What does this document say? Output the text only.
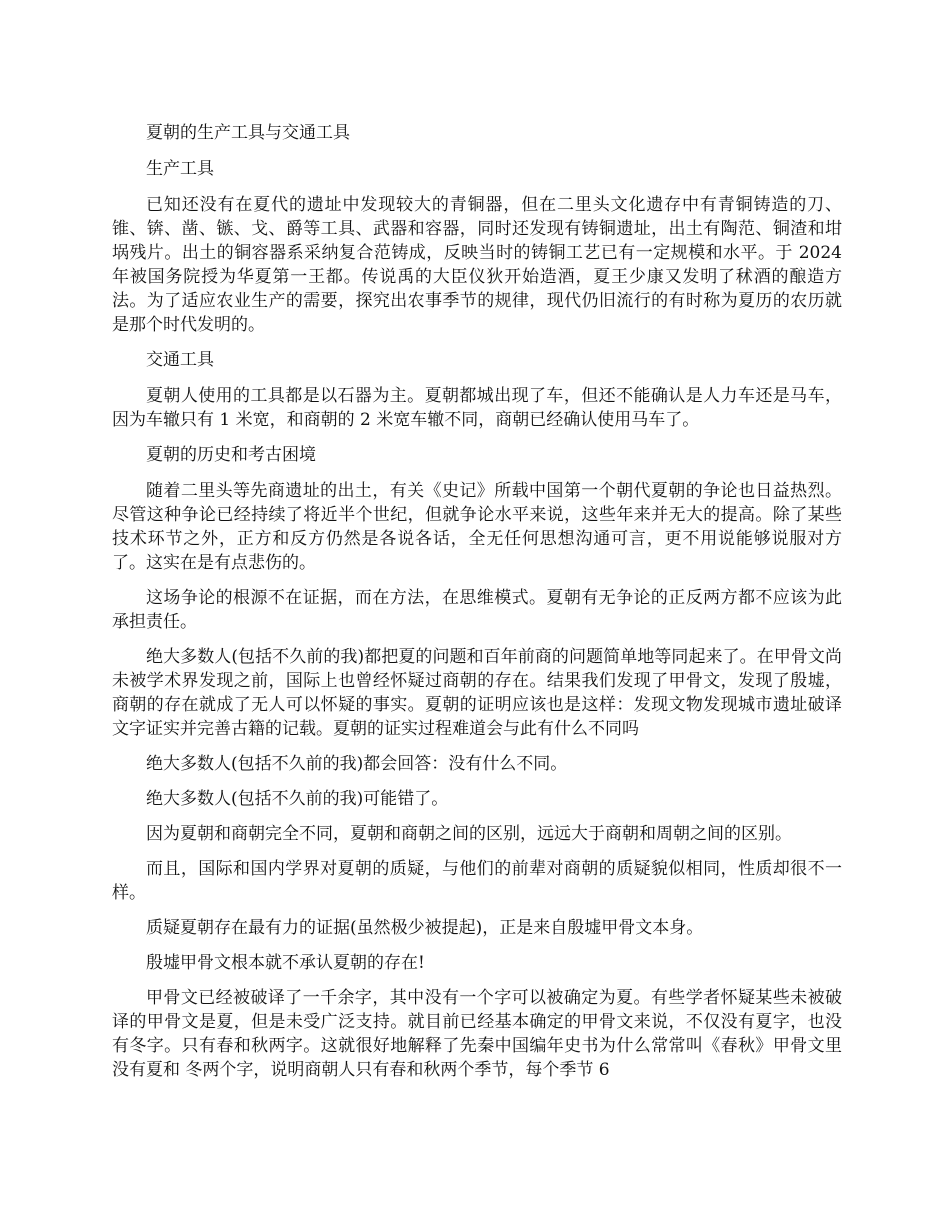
夏朝的生产工具与交通工具

生产工具

已知还没有在夏代的遗址中发现较大的青铜器，但在二里头文化遗存中有青铜铸造的刀、锥、锛、凿、镞、戈、爵等工具、武器和容器，同时还发现有铸铜遗址，出土有陶范、铜渣和坩埚残片。出土的铜容器系采纳复合范铸成，反映当时的铸铜工艺已有一定规模和水平。于 2024 年被国务院授为华夏第一王都。传说禹的大臣仪狄开始造酒，夏王少康又发明了秫酒的酿造方法。为了适应农业生产的需要，探究出农事季节的规律，现代仍旧流行的有时称为夏历的农历就是那个时代发明的。

交通工具

夏朝人使用的工具都是以石器为主。夏朝都城出现了车，但还不能确认是人力车还是马车，因为车辙只有 1 米宽，和商朝的 2 米宽车辙不同，商朝已经确认使用马车了。

夏朝的历史和考古困境

随着二里头等先商遗址的出土，有关《史记》所载中国第一个朝代夏朝的争论也日益热烈。尽管这种争论已经持续了将近半个世纪，但就争论水平来说，这些年来并无大的提高。除了某些技术环节之外，正方和反方仍然是各说各话，全无任何思想沟通可言，更不用说能够说服对方了。这实在是有点悲伤的。

这场争论的根源不在证据，而在方法，在思维模式。夏朝有无争论的正反两方都不应该为此承担责任。

绝大多数人(包括不久前的我)都把夏的问题和百年前商的问题简单地等同起来了。在甲骨文尚未被学术界发现之前，国际上也曾经怀疑过商朝的存在。结果我们发现了甲骨文，发现了殷墟，商朝的存在就成了无人可以怀疑的事实。夏朝的证明应该也是这样：发现文物发现城市遗址破译文字证实并完善古籍的记载。夏朝的证实过程难道会与此有什么不同吗

绝大多数人(包括不久前的我)都会回答：没有什么不同。

绝大多数人(包括不久前的我)可能错了。

因为夏朝和商朝完全不同，夏朝和商朝之间的区别，远远大于商朝和周朝之间的区别。

而且，国际和国内学界对夏朝的质疑，与他们的前辈对商朝的质疑貌似相同，性质却很不一样。

质疑夏朝存在最有力的证据(虽然极少被提起)，正是来自殷墟甲骨文本身。

殷墟甲骨文根本就不承认夏朝的存在!

甲骨文已经被破译了一千余字，其中没有一个字可以被确定为夏。有些学者怀疑某些未被破译的甲骨文是夏，但是未受广泛支持。就目前已经基本确定的甲骨文来说，不仅没有夏字，也没有冬字。只有春和秋两字。这就很好地解释了先秦中国编年史书为什么常常叫《春秋》甲骨文里没有夏和 冬两个字，说明商朝人只有春和秋两个季节，每个季节 6
